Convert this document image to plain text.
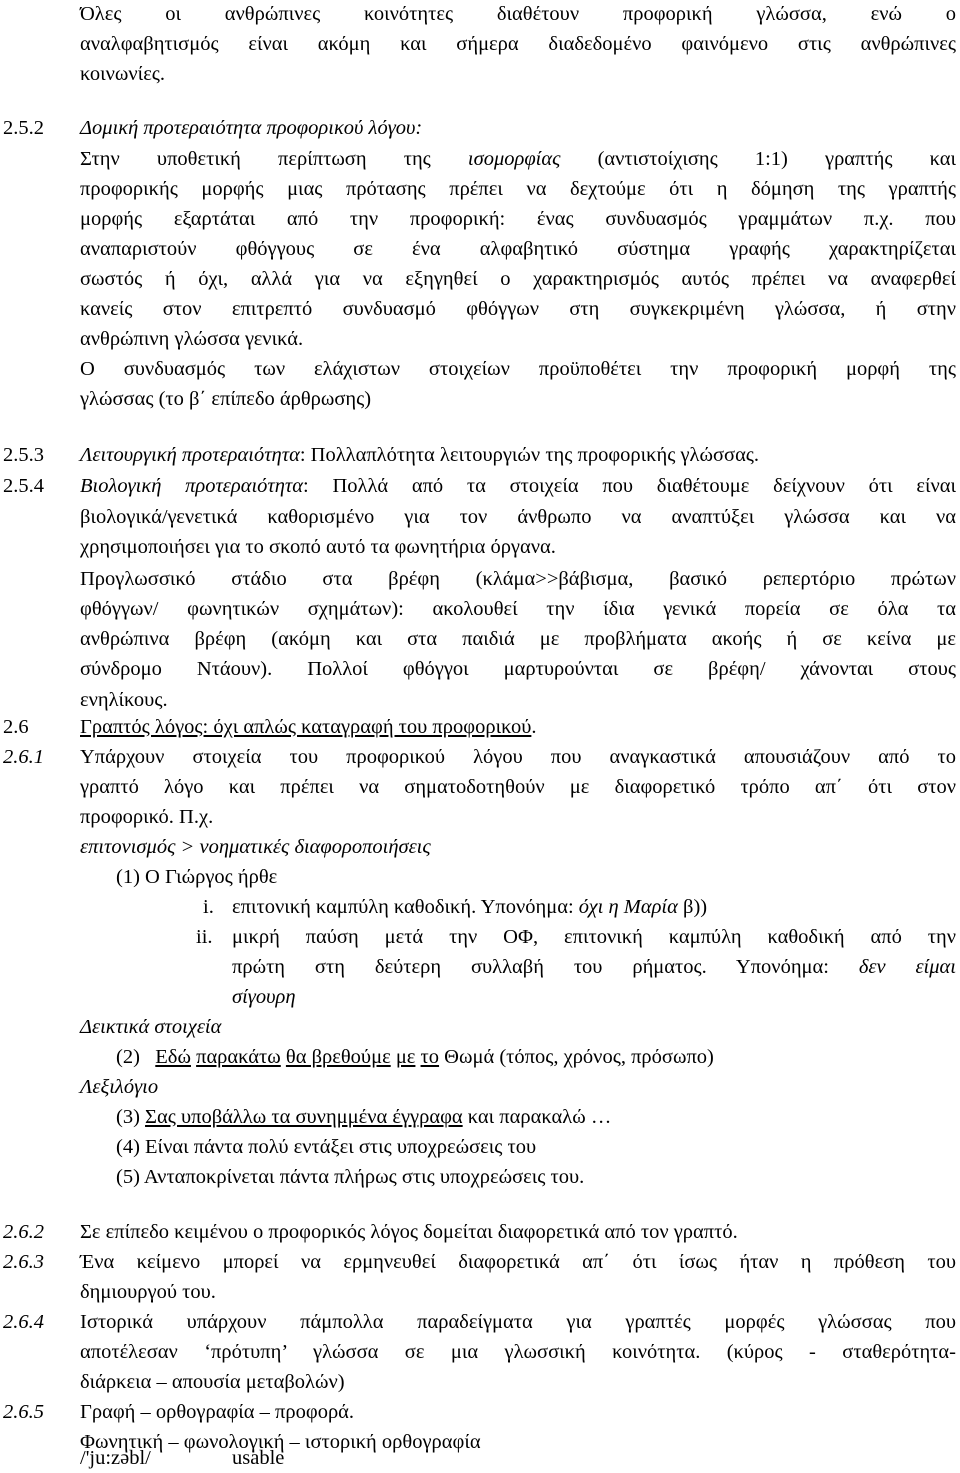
Όλες οι ανθρώπινες κοινότητες διαθέτουν προφορική γλώσσα, ενώ ο
αναλφαβητισμός είναι ακόμη και σήμερα διαδεδομένο φαινόμενο στις ανθρώπινες
κοινωνίες.
2.5.2 Δομική προτεραιότητα προφορικού λόγου:
Στην υποθετική περίπτωση της ισομορφίας (αντιστοίχισης 1:1) γραπτής και
προφορικής μορφής μιας πρότασης πρέπει να δεχτούμε ότι η δόμηση της γραπτής
μορφής εξαρτάται από την προφορική: ένας συνδυασμός γραμμάτων π.χ. που
αναπαριστούν φθόγγους σε ένα αλφαβητικό σύστημα γραφής χαρακτηρίζεται
σωστός ή όχι, αλλά για να εξηγηθεί ο χαρακτηρισμός αυτός πρέπει να αναφερθεί
κανείς στον επιτρεπτό συνδυασμό φθόγγων στη συγκεκριμένη γλώσσα, ή στην
ανθρώπινη γλώσσα γενικά.
Ο συνδυασμός των ελάχιστων στοιχείων προϋποθέτει την προφορική μορφή της
γλώσσας (το β΄ επίπεδο άρθρωσης)
2.5.3 Λειτουργική προτεραιότητα: Πολλαπλότητα λειτουργιών της προφορικής γλώσσας.
2.5.4 Βιολογική προτεραιότητα: Πολλά από τα στοιχεία που διαθέτουμε δείχνουν ότι είναι
βιολογικά/γενετικά καθορισμένο για τον άνθρωπο να αναπτύξει γλώσσα και να
χρησιμοποιήσει για το σκοπό αυτό τα φωνητήρια όργανα.
Προγλωσσικό στάδιο στα βρέφη (κλάμα>>βάβισμα, βασικό ρεπερτόριο πρώτων
φθόγγων/ φωνητικών σχημάτων): ακολουθεί την ίδια γενικά πορεία σε όλα τα
ανθρώπινα βρέφη (ακόμη και στα παιδιά με προβλήματα ακοής ή σε κείνα με
σύνδρομο Ντάουν). Πολλοί φθόγγοι μαρτυρούνται σε βρέφη/ χάνονται στους
ενηλίκους.
2.6	Γραπτός λόγος: όχι απλώς καταγραφή του προφορικού.
2.6.1 Υπάρχουν στοιχεία του προφορικού λόγου που αναγκαστικά απουσιάζουν από το
γραπτό λόγο και πρέπει να σηματοδοτηθούν με διαφορετικό τρόπο απ΄ ότι στον
προφορικό. Π.χ.
επιτονισμός > νοηματικές διαφοροποιήσεις
(1) Ο Γιώργος ήρθε
i. επιτονική καμπύλη καθοδική. Υπονόημα: όχι η Μαρία β))
ii. μικρή παύση μετά την ΟΦ, επιτονική καμπύλη καθοδική από την
πρώτη στη δεύτερη συλλαβή του ρήματος. Υπονόημα: δεν είμαι
σίγουρη
Δεικτικά στοιχεία
(2) Εδώ παρακάτω θα βρεθούμε με το Θωμά (τόπος, χρόνος, πρόσωπο)
Λεξιλόγιο
(3) Σας υποβάλλω τα συνημμένα έγγραφα και παρακαλώ …
(4) Είναι πάντα πολύ εντάξει στις υποχρεώσεις του
(5) Ανταποκρίνεται πάντα πλήρως στις υποχρεώσεις του.
2.6.2 Σε επίπεδο κειμένου ο προφορικός λόγος δομείται διαφορετικά από τον γραπτό.
2.6.3 Ένα κείμενο μπορεί να ερμηνευθεί διαφορετικά απ΄ ότι ίσως ήταν η πρόθεση του
δημιουργού του.
2.6.4 Ιστορικά υπάρχουν πάμπολλα παραδείγματα για γραπτές μορφές γλώσσας που
αποτέλεσαν ‘πρότυπη’ γλώσσα σε μια γλωσσική κοινότητα. (κύρος - σταθερότητα-
διάρκεια – απουσία μεταβολών)
2.6.5 Γραφή – ορθογραφία – προφορά.
Φωνητική – φωνολογική – ιστορική ορθογραφία
/'ju:zəbl/	usable
